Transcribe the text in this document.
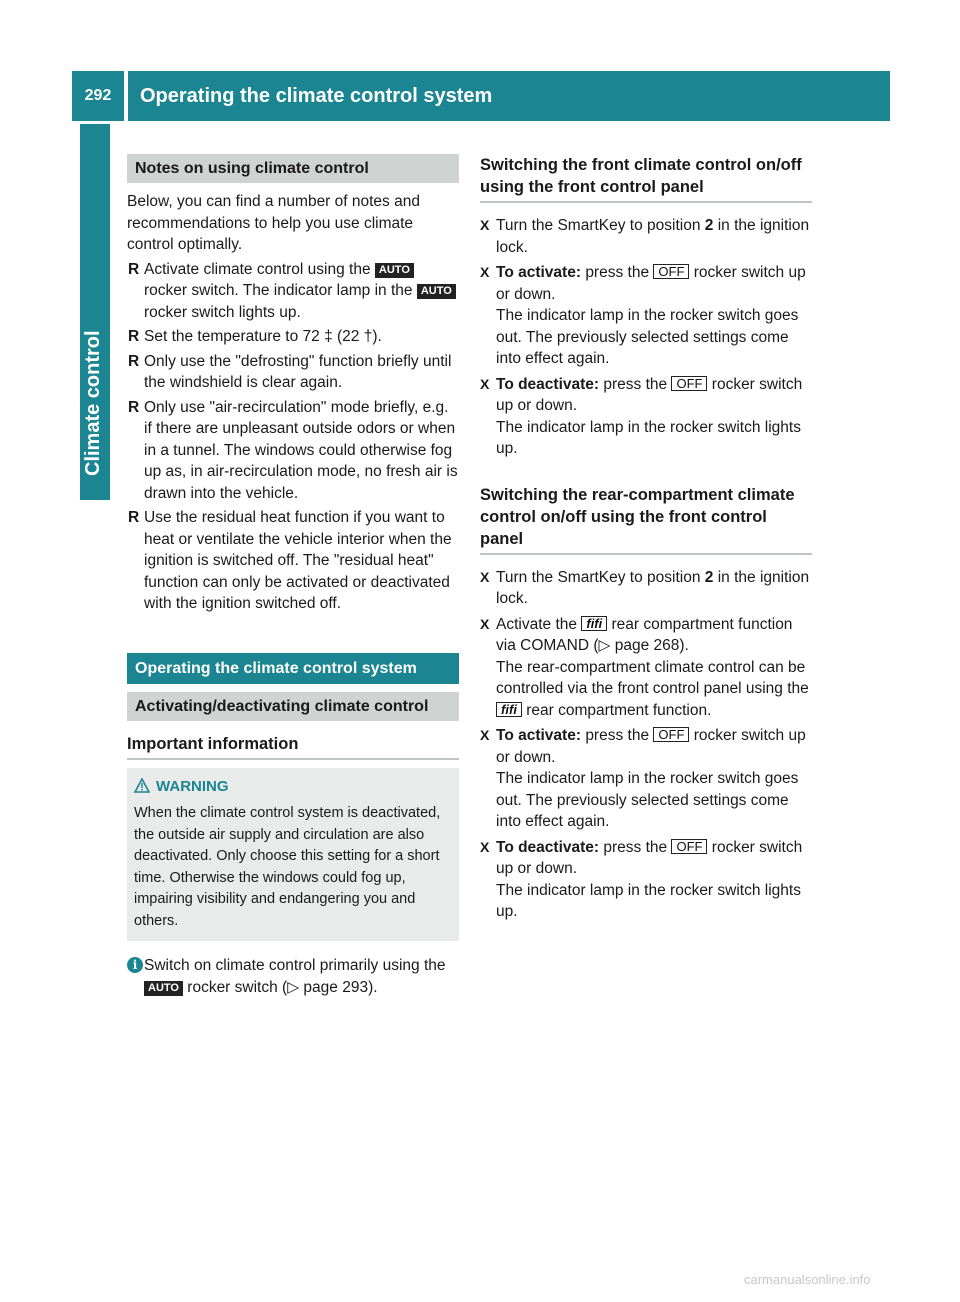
292	Operating the climate control system
Climate control
Notes on using climate control

Below, you can find a number of notes and recommendations to help you use climate control optimally.

R Activate climate control using the AUTO rocker switch. The indicator lamp in the AUTO rocker switch lights up.
R Set the temperature to 72 ‡ (22 †).
R Only use the "defrosting" function briefly until the windshield is clear again.
R Only use "air-recirculation" mode briefly, e.g. if there are unpleasant outside odors or when in a tunnel. The windows could otherwise fog up as, in air-recirculation mode, no fresh air is drawn into the vehicle.
R Use the residual heat function if you want to heat or ventilate the vehicle interior when the ignition is switched off. The "residual heat" function can only be activated or deactivated with the ignition switched off.
Operating the climate control system
Activating/deactivating climate control
Important information
WARNING
When the climate control system is deactivated, the outside air supply and circulation are also deactivated. Only choose this setting for a short time. Otherwise the windows could fog up, impairing visibility and endangering you and others.
i Switch on climate control primarily using the AUTO rocker switch (▷ page 293).
Switching the front climate control on/off using the front control panel
X Turn the SmartKey to position 2 in the ignition lock.
X To activate: press the OFF rocker switch up or down.
The indicator lamp in the rocker switch goes out. The previously selected settings come into effect again.
X To deactivate: press the OFF rocker switch up or down.
The indicator lamp in the rocker switch lights up.
Switching the rear-compartment climate control on/off using the front control panel
X Turn the SmartKey to position 2 in the ignition lock.
X Activate the ﬁﬁ rear compartment function via COMAND (▷ page 268).
The rear-compartment climate control can be controlled via the front control panel using the ﬁﬁ rear compartment function.
X To activate: press the OFF rocker switch up or down.
The indicator lamp in the rocker switch goes out. The previously selected settings come into effect again.
X To deactivate: press the OFF rocker switch up or down.
The indicator lamp in the rocker switch lights up.
carmanualsonline.info
